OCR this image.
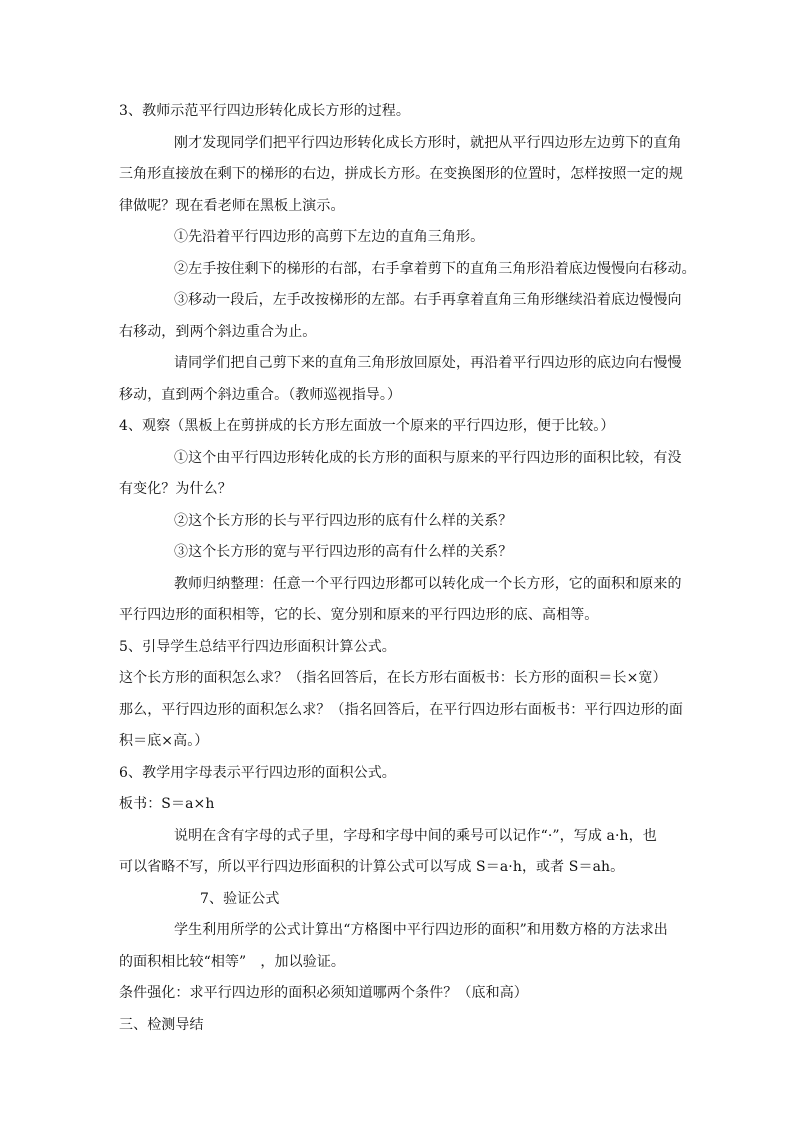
3、教师示范平行四边形转化成长方形的过程。
刚才发现同学们把平行四边形转化成长方形时，就把从平行四边形左边剪下的直角
三角形直接放在剩下的梯形的右边，拼成长方形。在变换图形的位置时，怎样按照一定的规
律做呢？现在看老师在黑板上演示。
①先沿着平行四边形的高剪下左边的直角三角形。
②左手按住剩下的梯形的右部，右手拿着剪下的直角三角形沿着底边慢慢向右移动。
③移动一段后，左手改按梯形的左部。右手再拿着直角三角形继续沿着底边慢慢向
右移动，到两个斜边重合为止。
请同学们把自己剪下来的直角三角形放回原处，再沿着平行四边形的底边向右慢慢
移动，直到两个斜边重合。（教师巡视指导。）
4、观察（黑板上在剪拼成的长方形左面放一个原来的平行四边形，便于比较。）
①这个由平行四边形转化成的长方形的面积与原来的平行四边形的面积比较，有没
有变化？为什么？
②这个长方形的长与平行四边形的底有什么样的关系？
③这个长方形的宽与平行四边形的高有什么样的关系？
教师归纳整理：任意一个平行四边形都可以转化成一个长方形，它的面积和原来的
平行四边形的面积相等，它的长、宽分别和原来的平行四边形的底、高相等。
5、引导学生总结平行四边形面积计算公式。
这个长方形的面积怎么求？（指名回答后，在长方形右面板书：长方形的面积＝长×宽）
那么，平行四边形的面积怎么求？（指名回答后，在平行四边形右面板书：平行四边形的面
积＝底×高。）
6、教学用字母表示平行四边形的面积公式。
板书：S＝a×h
说明在含有字母的式子里，字母和字母中间的乘号可以记作“·”，写成 a·h，也
可以省略不写，所以平行四边形面积的计算公式可以写成 S＝a·h，或者 S＝ah。
7、验证公式
学生利用所学的公式计算出“方格图中平行四边形的面积”和用数方格的方法求出
的面积相比较“相等”　，加以验证。
条件强化：求平行四边形的面积必须知道哪两个条件？（底和高）
三、检测导结
